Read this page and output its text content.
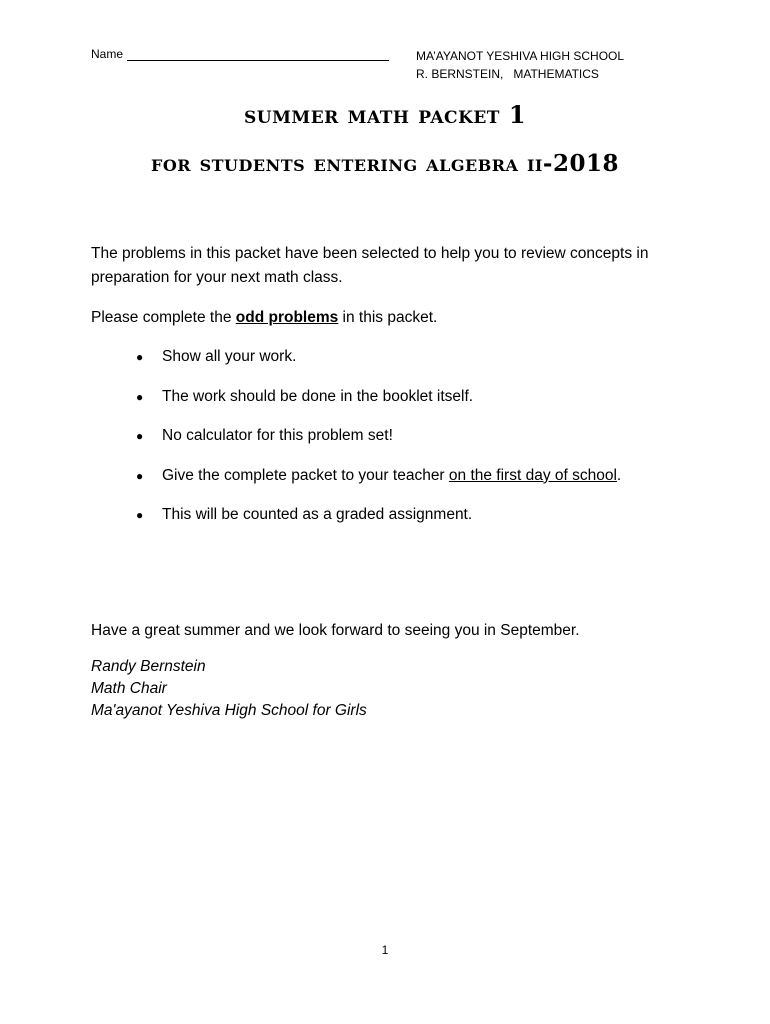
Name	MA’AYANOT YESHIVA HIGH SCHOOL
R. BERNSTEIN,   MATHEMATICS
summer math packet 1
for students entering algebra ii-2018
The problems in this packet have been selected to help you to review concepts in preparation for your next math class.
Please complete the odd problems in this packet.
●	Show all your work.
●	The work should be done in the booklet itself.
●	No calculator for this problem set!
●	Give the complete packet to your teacher on the first day of school.
●	This will be counted as a graded assignment.
Have a great summer and we look forward to seeing you in September.
Randy Bernstein
Math Chair
Ma'ayanot Yeshiva High School for Girls
1
